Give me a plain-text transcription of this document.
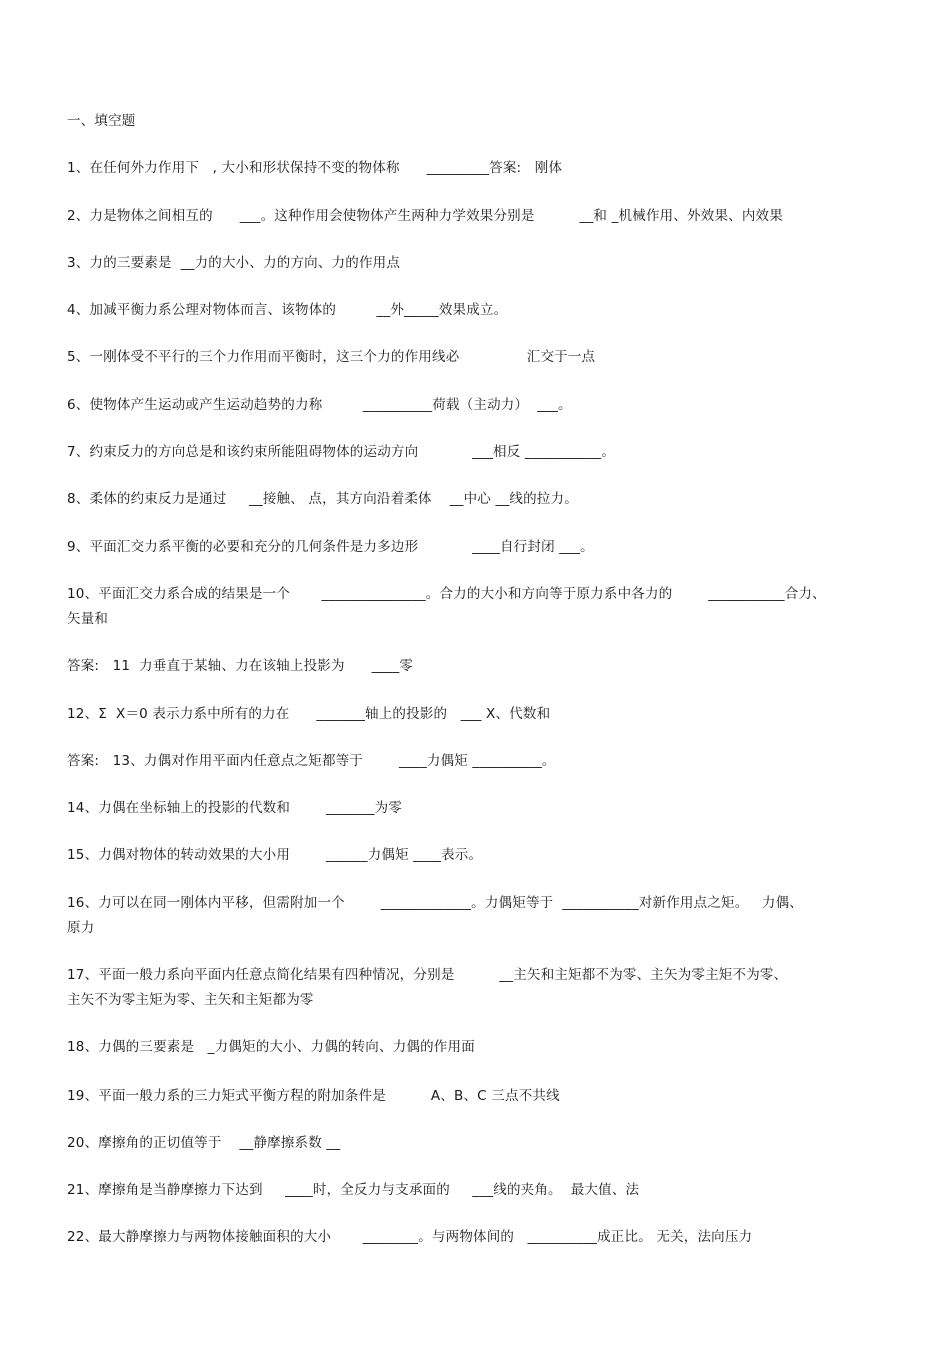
一、填空题
1、在任何外力作用下   , 大小和形状保持不变的物体称      _________答案:   刚体
2、力是物体之间相互的      ___。这种作用会使物体产生两种力学效果分别是          __和 _机械作用、外效果、内效果
3、力的三要素是  __力的大小、力的方向、力的作用点
4、加减平衡力系公理对物体而言、该物体的         __外_____效果成立。
5、一刚体受不平行的三个力作用而平衡时，这三个力的作用线必               汇交于一点
6、使物体产生运动或产生运动趋势的力称         __________荷载（主动力）  ___。
7、约束反力的方向总是和该约束所能阻碍物体的运动方向            ___相反 ___________。
8、柔体的约束反力是通过     __接触、 点，其方向沿着柔体    __中心 __线的拉力。
9、平面汇交力系平衡的必要和充分的几何条件是力多边形            ____自行封闭 ___。
10、平面汇交力系合成的结果是一个       _______________。合力的大小和方向等于原力系中各力的        ___________合力、
矢量和
答案:   11  力垂直于某轴、力在该轴上投影为      ____零
12、Σ  X＝0 表示力系中所有的力在      _______轴上的投影的   ___ X、代数和
答案:   13、力偶对作用平面内任意点之矩都等于        ____力偶矩 __________。
14、力偶在坐标轴上的投影的代数和        _______为零
15、力偶对物体的转动效果的大小用        ______力偶矩 ____表示。
16、力可以在同一刚体内平移，但需附加一个        _____________。力偶矩等于  ___________对新作用点之矩。   力偶、
原力
17、平面一般力系向平面内任意点简化结果有四种情况，分别是          __主矢和主矩都不为零、主矢为零主矩不为零、
主矢不为零主矩为零、主矢和主矩都为零
18、力偶的三要素是   _力偶矩的大小、力偶的转向、力偶的作用面
19、平面一般力系的三力矩式平衡方程的附加条件是          A、B、C 三点不共线
20、摩擦角的正切值等于    __静摩擦系数 __
21、摩擦角是当静摩擦力下达到     ____时，全反力与支承面的     ___线的夹角。  最大值、法
22、最大静摩擦力与两物体接触面积的大小       ________。与两物体间的   __________成正比。 无关，法向压力
